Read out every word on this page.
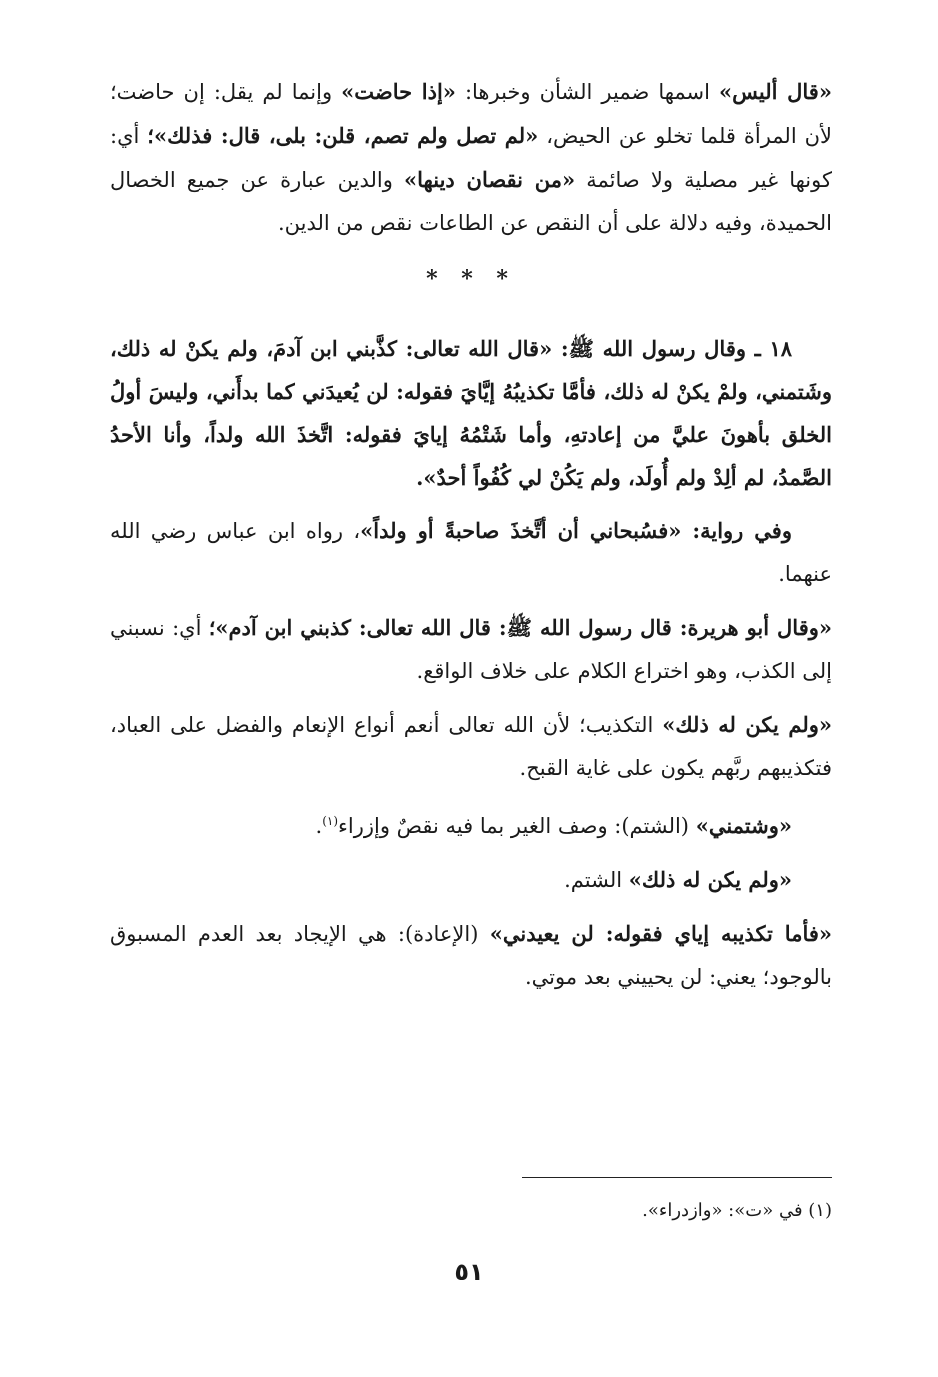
«قال أليس» اسمها ضمير الشأن وخبرها: «إذا حاضت» وإنما لم يقل: إن حاضت؛ لأن المرأة قلما تخلو عن الحيض، «لم تصل ولم تصم، قلن: بلى، قال: فذلك»؛ أي: كونها غير مصلية ولا صائمة «من نقصان دينها» والدين عبارة عن جميع الخصال الحميدة، وفيه دلالة على أن النقص عن الطاعات نقص من الدين.

* * *

١٨ ـ وقال رسول الله ﷺ: «قال الله تعالى: كذَّبني ابن آدمَ، ولم يكنْ له ذلك، وشَتمني، ولمْ يكنْ له ذلك، فأمَّا تكذيبُهُ إيَّايَ فقوله: لن يُعيدَني كما بدأَني، وليسَ أولُ الخلق بأهونَ عليَّ من إعادتهِ، وأما شَتْمُهُ إيايَ فقوله: اتَّخذَ الله ولداً، وأنا الأحدُ الصَّمدُ، لم ألِدْ ولم أُولَد، ولم يَكُنْ لي كُفُواً أحدٌ».

وفي رواية: «فسُبحاني أن أتَّخذَ صاحبةً أو ولداً»، رواه ابن عباس رضي الله عنهما.

«وقال أبو هريرة: قال رسول الله ﷺ: قال الله تعالى: كذبني ابن آدم»؛ أي: نسبني إلى الكذب، وهو اختراع الكلام على خلاف الواقع.

«ولم يكن له ذلك» التكذيب؛ لأن الله تعالى أنعم أنواع الإنعام والفضل على العباد، فتكذيبهم ربَّهم يكون على غاية القبح.

«وشتمني» (الشتم): وصف الغير بما فيه نقصٌ وإزراء$^{(١)}$.

«ولم يكن له ذلك» الشتم.

«فأما تكذيبه إياي فقوله: لن يعيدني» (الإعادة): هي الإيجاد بعد العدم المسبوق بالوجود؛ يعني: لن يحييني بعد موتي.

(١) في «ت»: «وازدراء».
٥١
